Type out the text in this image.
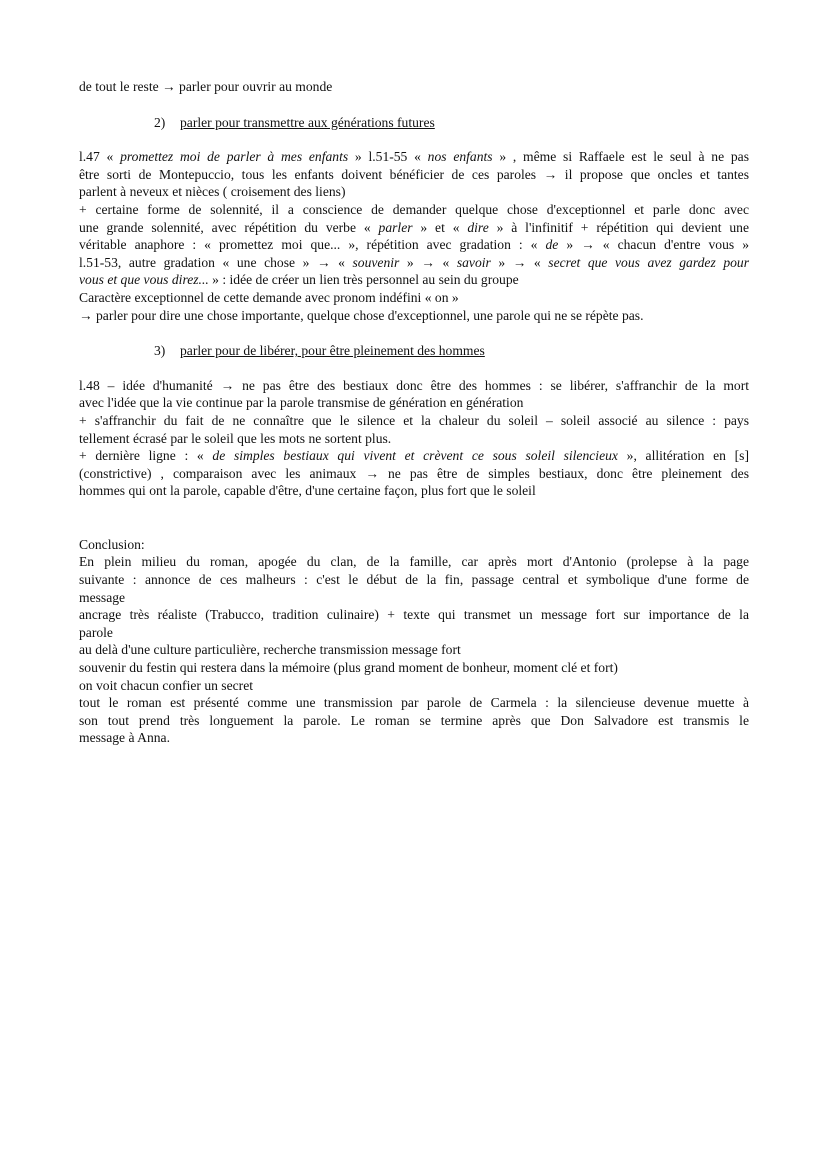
de tout le reste → parler pour ouvrir au monde
2) parler pour transmettre aux générations futures
l.47 « promettez moi de parler à mes enfants » l.51-55 « nos enfants » , même si Raffaele est le seul à ne pas
être sorti de Montepuccio, tous les enfants doivent bénéficier de ces paroles → il propose que oncles et tantes
parlent à neveux et nièces ( croisement des liens)
+ certaine forme de solennité, il a conscience de demander quelque chose d'exceptionnel et parle donc avec
une grande solennité, avec répétition du verbe « parler » et « dire » à l'infinitif + répétition qui devient une
véritable anaphore : « promettez moi que... », répétition avec gradation : « de » → « chacun d'entre vous »
l.51-53, autre gradation « une chose » → « souvenir » → « savoir » → « secret que vous avez gardez pour
vous et que vous direz... » : idée de créer un lien très personnel au sein du groupe
Caractère exceptionnel de cette demande avec pronom indéfini « on »
→ parler pour dire une chose importante, quelque chose d'exceptionnel, une parole qui ne se répète pas.
3) parler pour de libérer, pour être pleinement des hommes
l.48 – idée d'humanité → ne pas être des bestiaux donc être des hommes : se libérer, s'affranchir de la mort
avec l'idée que la vie continue par la parole transmise de génération en génération
+ s'affranchir du fait de ne connaître que le silence et la chaleur du soleil – soleil associé au silence : pays
tellement écrasé par le soleil que les mots ne sortent plus.
+ dernière ligne : « de simples bestiaux qui vivent et crèvent ce sous soleil silencieux », allitération en [s]
(constrictive) , comparaison avec les animaux → ne pas être de simples bestiaux, donc être pleinement des
hommes qui ont la parole, capable d'être, d'une certaine façon, plus fort que le soleil
Conclusion:
En plein milieu du roman, apogée du clan, de la famille, car après mort d'Antonio (prolepse à la page
suivante : annonce de ces malheurs : c'est le début de la fin, passage central et symbolique d'une forme de
message
ancrage très réaliste (Trabucco, tradition culinaire) + texte qui transmet un message fort sur importance de la
parole
au delà d'une culture particulière, recherche transmission message fort
souvenir du festin qui restera dans la mémoire (plus grand moment de bonheur, moment clé et fort)
on voit chacun confier un secret
tout le roman est présenté comme une transmission par parole de Carmela : la silencieuse devenue muette à
son tout prend très longuement la parole. Le roman se termine après que Don Salvadore est transmis le
message à Anna.
